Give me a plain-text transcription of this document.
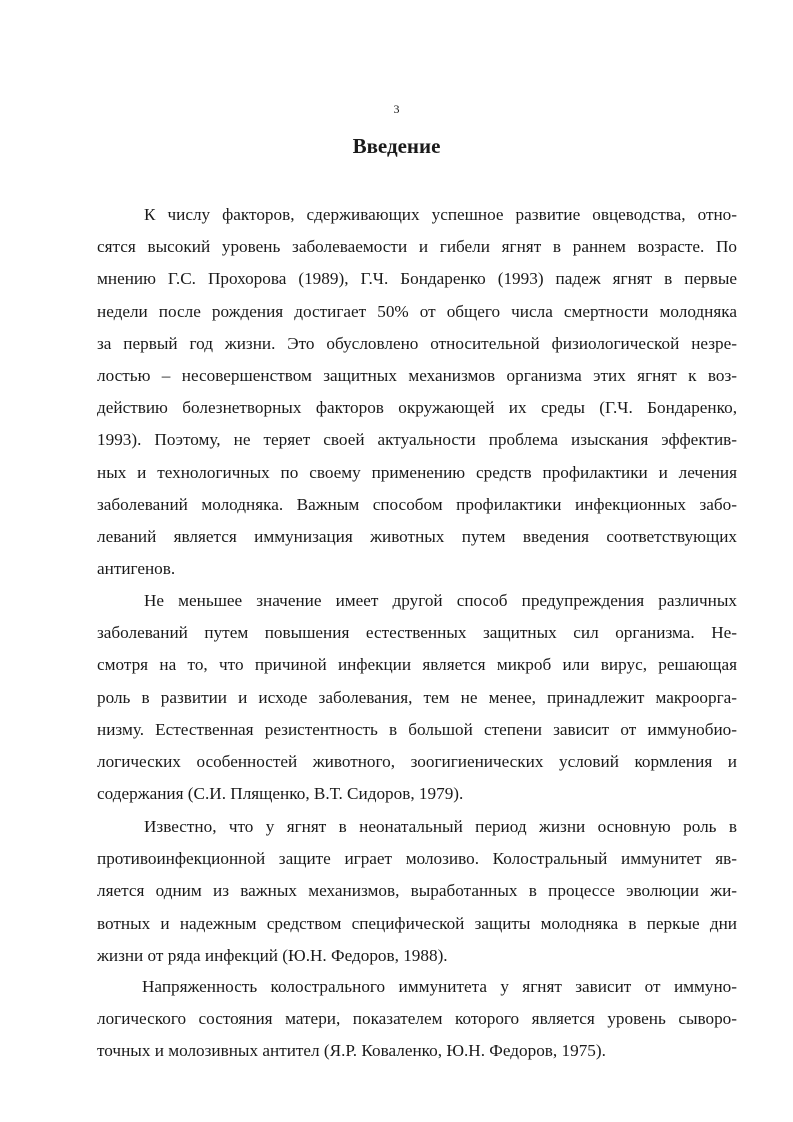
3
Введение
К числу факторов, сдерживающих успешное развитие овцеводства, отно-
сятся высокий уровень заболеваемости и гибели ягнят в раннем возрасте. По
мнению Г.С. Прохорова (1989), Г.Ч. Бондаренко (1993) падеж ягнят в первые
недели после рождения достигает 50% от общего числа смертности молодняка
за первый год жизни. Это обусловлено относительной физиологической незре-
лостью – несовершенством защитных механизмов организма этих ягнят к воз-
действию болезнетворных факторов окружающей их среды (Г.Ч. Бондаренко,
1993). Поэтому, не теряет своей актуальности проблема изыскания эффектив-
ных и технологичных по своему применению средств профилактики и лечения
заболеваний молодняка. Важным способом профилактики инфекционных забо-
леваний является иммунизация животных путем введения соответствующих
антигенов.
Не меньшее значение имеет другой способ предупреждения различных
заболеваний путем повышения естественных защитных сил организма. Не-
смотря на то, что причиной инфекции является микроб или вирус, решающая
роль в развитии и исходе заболевания, тем не менее, принадлежит макроорга-
низму. Естественная резистентность в большой степени зависит от иммунобио-
логических особенностей животного, зоогигиенических условий кормления и
содержания (С.И. Плященко, В.Т. Сидоров, 1979).
Известно, что у ягнят в неонатальный период жизни основную роль в
противоинфекционной защите играет молозиво. Колостральный иммунитет яв-
ляется одним из важных механизмов, выработанных в процессе эволюции жи-
вотных и надежным средством специфической защиты молодняка в перкые дни
жизни от ряда инфекций (Ю.Н. Федоров, 1988).
Напряженность колострального иммунитета у ягнят зависит от иммуно-
логического состояния матери, показателем которого является уровень сыворо-
точных и молозивных антител (Я.Р. Коваленко, Ю.Н. Федоров, 1975).
